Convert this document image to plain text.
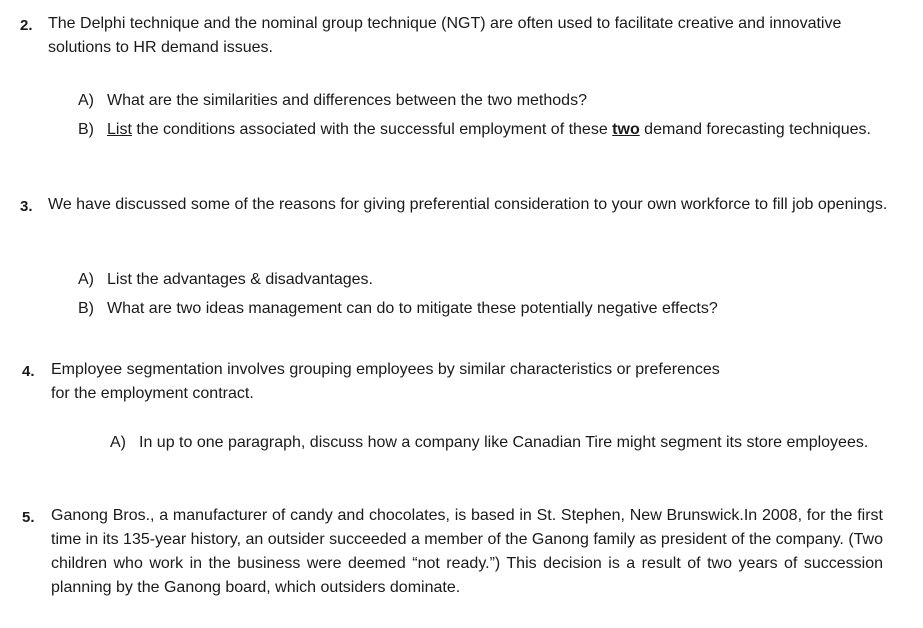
2. The Delphi technique and the nominal group technique (NGT) are often used to facilitate creative and innovative solutions to HR demand issues.
A) What are the similarities and differences between the two methods?
B) List the conditions associated with the successful employment of these two demand forecasting techniques.
3. We have discussed some of the reasons for giving preferential consideration to your own workforce to fill job openings.
A) List the advantages & disadvantages.
B) What are two ideas management can do to mitigate these potentially negative effects?
4. Employee segmentation involves grouping employees by similar characteristics or preferences for the employment contract.
A) In up to one paragraph, discuss how a company like Canadian Tire might segment its store employees.
5. Ganong Bros., a manufacturer of candy and chocolates, is based in St. Stephen, New Brunswick.In 2008, for the first time in its 135-year history, an outsider succeeded a member of the Ganong family as president of the company. (Two children who work in the business were deemed “not ready.”) This decision is a result of two years of succession planning by the Ganong board, which outsiders dominate.
